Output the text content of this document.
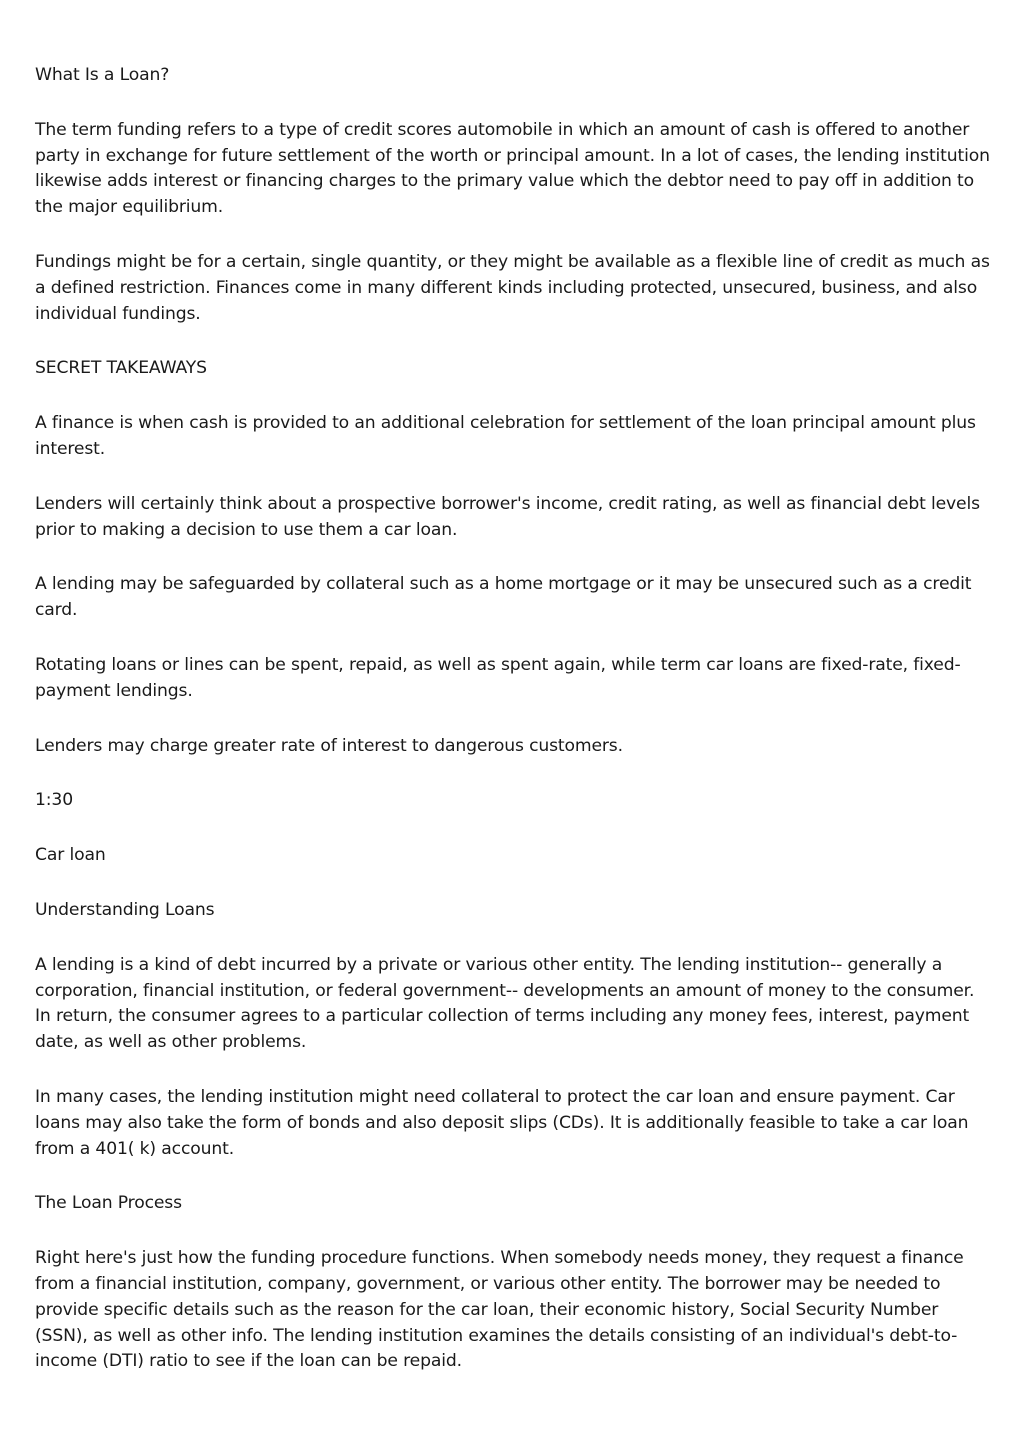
What Is a Loan?

The term funding refers to a type of credit scores automobile in which an amount of cash is offered to another party in exchange for future settlement of the worth or principal amount. In a lot of cases, the lending institution likewise adds interest or financing charges to the primary value which the debtor need to pay off in addition to the major equilibrium.

Fundings might be for a certain, single quantity, or they might be available as a flexible line of credit as much as a defined restriction. Finances come in many different kinds including protected, unsecured, business, and also individual fundings.

SECRET TAKEAWAYS

A finance is when cash is provided to an additional celebration for settlement of the loan principal amount plus interest.

Lenders will certainly think about a prospective borrower's income, credit rating, as well as financial debt levels prior to making a decision to use them a car loan.

A lending may be safeguarded by collateral such as a home mortgage or it may be unsecured such as a credit card.

Rotating loans or lines can be spent, repaid, as well as spent again, while term car loans are fixed-rate, fixed-payment lendings.

Lenders may charge greater rate of interest to dangerous customers.

1:30

Car loan

Understanding Loans

A lending is a kind of debt incurred by a private or various other entity. The lending institution-- generally a corporation, financial institution, or federal government-- developments an amount of money to the consumer. In return, the consumer agrees to a particular collection of terms including any money fees, interest, payment date, as well as other problems.

In many cases, the lending institution might need collateral to protect the car loan and ensure payment. Car loans may also take the form of bonds and also deposit slips (CDs). It is additionally feasible to take a car loan from a 401( k) account.

The Loan Process

Right here's just how the funding procedure functions. When somebody needs money, they request a finance from a financial institution, company, government, or various other entity. The borrower may be needed to provide specific details such as the reason for the car loan, their economic history, Social Security Number (SSN), as well as other info. The lending institution examines the details consisting of an individual's debt-to-income (DTI) ratio to see if the loan can be repaid.
